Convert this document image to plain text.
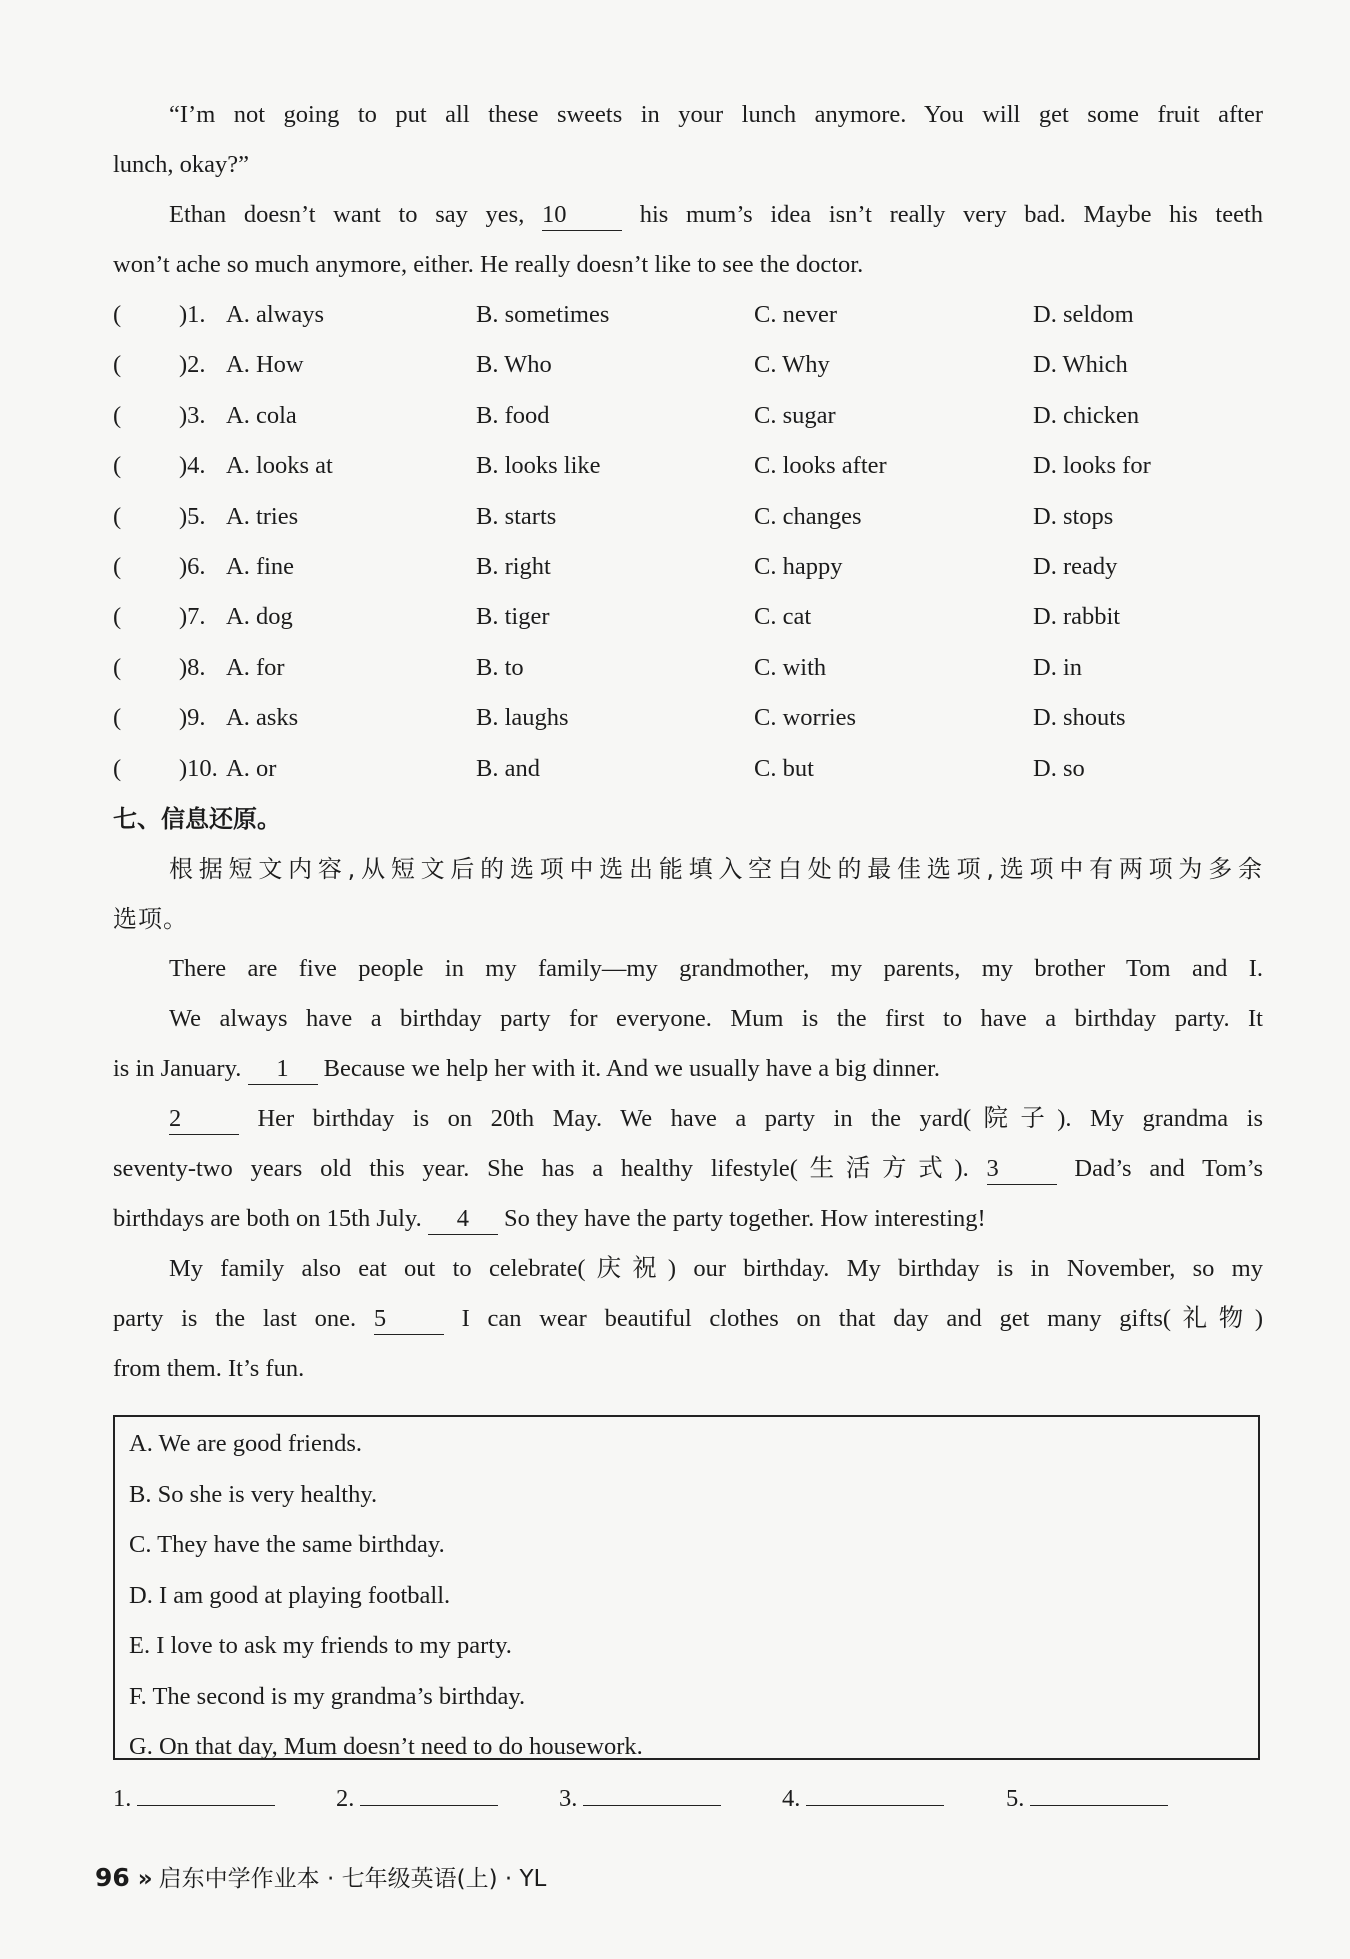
“I’m not going to put all these sweets in your lunch anymore. You will get some fruit after

lunch, okay?”

Ethan doesn’t want to say yes, 10	his mum’s idea isn’t really very bad. Maybe his teeth

won’t ache so much anymore, either. He really doesn’t like to see the doctor.

( )1. A. always	B. sometimes	C. never	D. seldom
( )2. A. How	B. Who	C. Why	D. Which
( )3. A. cola	B. food	C. sugar	D. chicken
( )4. A. looks at	B. looks like	C. looks after	D. looks for
( )5. A. tries	B. starts	C. changes	D. stops
( )6. A. fine	B. right	C. happy	D. ready
( )7. A. dog	B. tiger	C. cat	D. rabbit
( )8. A. for	B. to	C. with	D. in
( )9. A. asks	B. laughs	C. worries	D. shouts
( )10. A. or	B. and	C. but	D. so

七、信息还原。

根据短文内容,从短文后的选项中选出能填入空白处的最佳选项,选项中有两项为多余

选项。

There are five people in my family—my grandmother, my parents, my brother Tom and I.

We always have a birthday party for everyone. Mum is the first to have a birthday party. It

is in January. 1 Because we help her with it. And we usually have a big dinner.

2	Her birthday is on 20th May. We have a party in the yard(院子). My grandma is

seventy-two years old this year. She has a healthy lifestyle(生活方式). 3	Dad’s and Tom’s

birthdays are both on 15th July. 4 So they have the party together. How interesting!

My family also eat out to celebrate(庆祝) our birthday. My birthday is in November, so my

party is the last one. 5	I can wear beautiful clothes on that day and get many gifts(礼物)

from them. It’s fun.

A. We are good friends.
B. So she is very healthy.
C. They have the same birthday.
D. I am good at playing football.
E. I love to ask my friends to my party.
F. The second is my grandma’s birthday.
G. On that day, Mum doesn’t need to do housework.
1.	2.	3.	4.	5.
96 » 启东中学作业本 · 七年级英语(上) · YL
